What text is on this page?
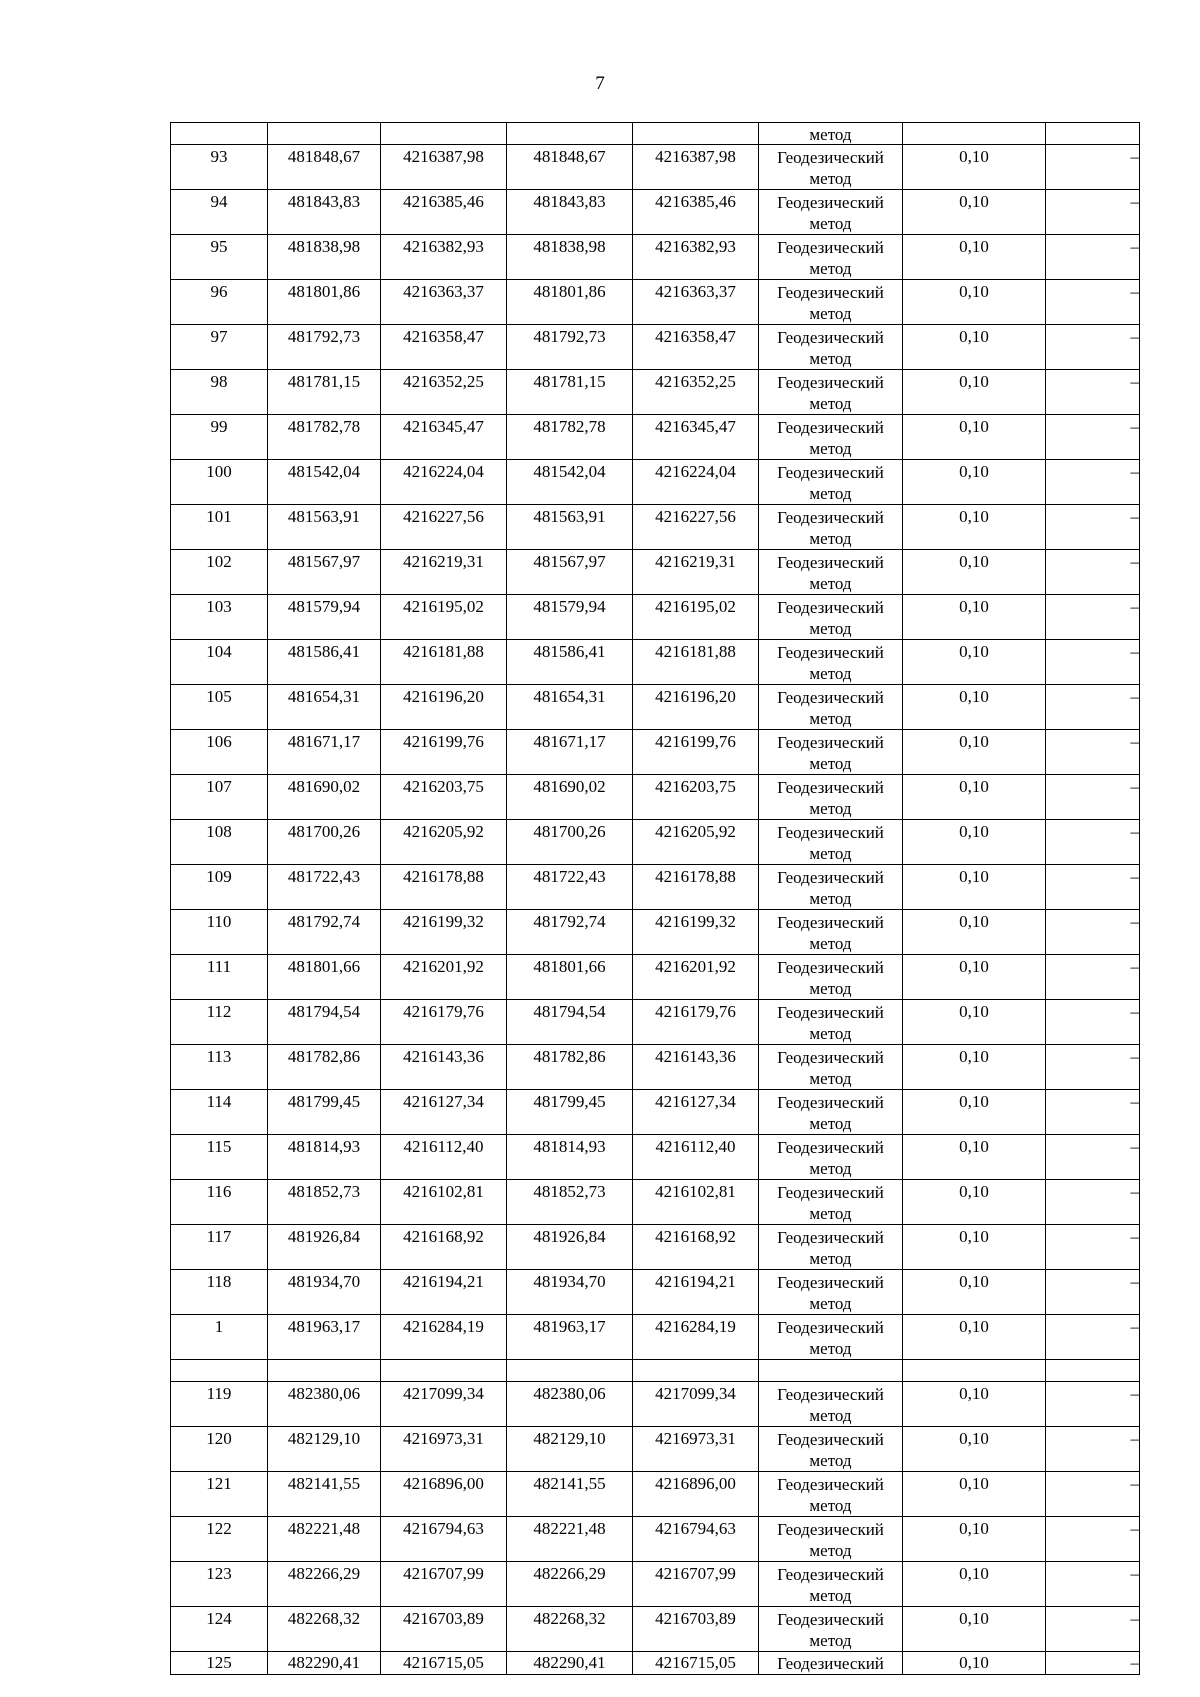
7
					метод		
93	481848,67	4216387,98	481848,67	4216387,98	Геодезический
метод	0,10	–
94	481843,83	4216385,46	481843,83	4216385,46	Геодезический
метод	0,10	–
95	481838,98	4216382,93	481838,98	4216382,93	Геодезический
метод	0,10	–
96	481801,86	4216363,37	481801,86	4216363,37	Геодезический
метод	0,10	–
97	481792,73	4216358,47	481792,73	4216358,47	Геодезический
метод	0,10	–
98	481781,15	4216352,25	481781,15	4216352,25	Геодезический
метод	0,10	–
99	481782,78	4216345,47	481782,78	4216345,47	Геодезический
метод	0,10	–
100	481542,04	4216224,04	481542,04	4216224,04	Геодезический
метод	0,10	–
101	481563,91	4216227,56	481563,91	4216227,56	Геодезический
метод	0,10	–
102	481567,97	4216219,31	481567,97	4216219,31	Геодезический
метод	0,10	–
103	481579,94	4216195,02	481579,94	4216195,02	Геодезический
метод	0,10	–
104	481586,41	4216181,88	481586,41	4216181,88	Геодезический
метод	0,10	–
105	481654,31	4216196,20	481654,31	4216196,20	Геодезический
метод	0,10	–
106	481671,17	4216199,76	481671,17	4216199,76	Геодезический
метод	0,10	–
107	481690,02	4216203,75	481690,02	4216203,75	Геодезический
метод	0,10	–
108	481700,26	4216205,92	481700,26	4216205,92	Геодезический
метод	0,10	–
109	481722,43	4216178,88	481722,43	4216178,88	Геодезический
метод	0,10	–
110	481792,74	4216199,32	481792,74	4216199,32	Геодезический
метод	0,10	–
111	481801,66	4216201,92	481801,66	4216201,92	Геодезический
метод	0,10	–
112	481794,54	4216179,76	481794,54	4216179,76	Геодезический
метод	0,10	–
113	481782,86	4216143,36	481782,86	4216143,36	Геодезический
метод	0,10	–
114	481799,45	4216127,34	481799,45	4216127,34	Геодезический
метод	0,10	–
115	481814,93	4216112,40	481814,93	4216112,40	Геодезический
метод	0,10	–
116	481852,73	4216102,81	481852,73	4216102,81	Геодезический
метод	0,10	–
117	481926,84	4216168,92	481926,84	4216168,92	Геодезический
метод	0,10	–
118	481934,70	4216194,21	481934,70	4216194,21	Геодезический
метод	0,10	–
1	481963,17	4216284,19	481963,17	4216284,19	Геодезический
метод	0,10	–

119	482380,06	4217099,34	482380,06	4217099,34	Геодезический
метод	0,10	–
120	482129,10	4216973,31	482129,10	4216973,31	Геодезический
метод	0,10	–
121	482141,55	4216896,00	482141,55	4216896,00	Геодезический
метод	0,10	–
122	482221,48	4216794,63	482221,48	4216794,63	Геодезический
метод	0,10	–
123	482266,29	4216707,99	482266,29	4216707,99	Геодезический
метод	0,10	–
124	482268,32	4216703,89	482268,32	4216703,89	Геодезический
метод	0,10	–
125	482290,41	4216715,05	482290,41	4216715,05	Геодезический	0,10	–
